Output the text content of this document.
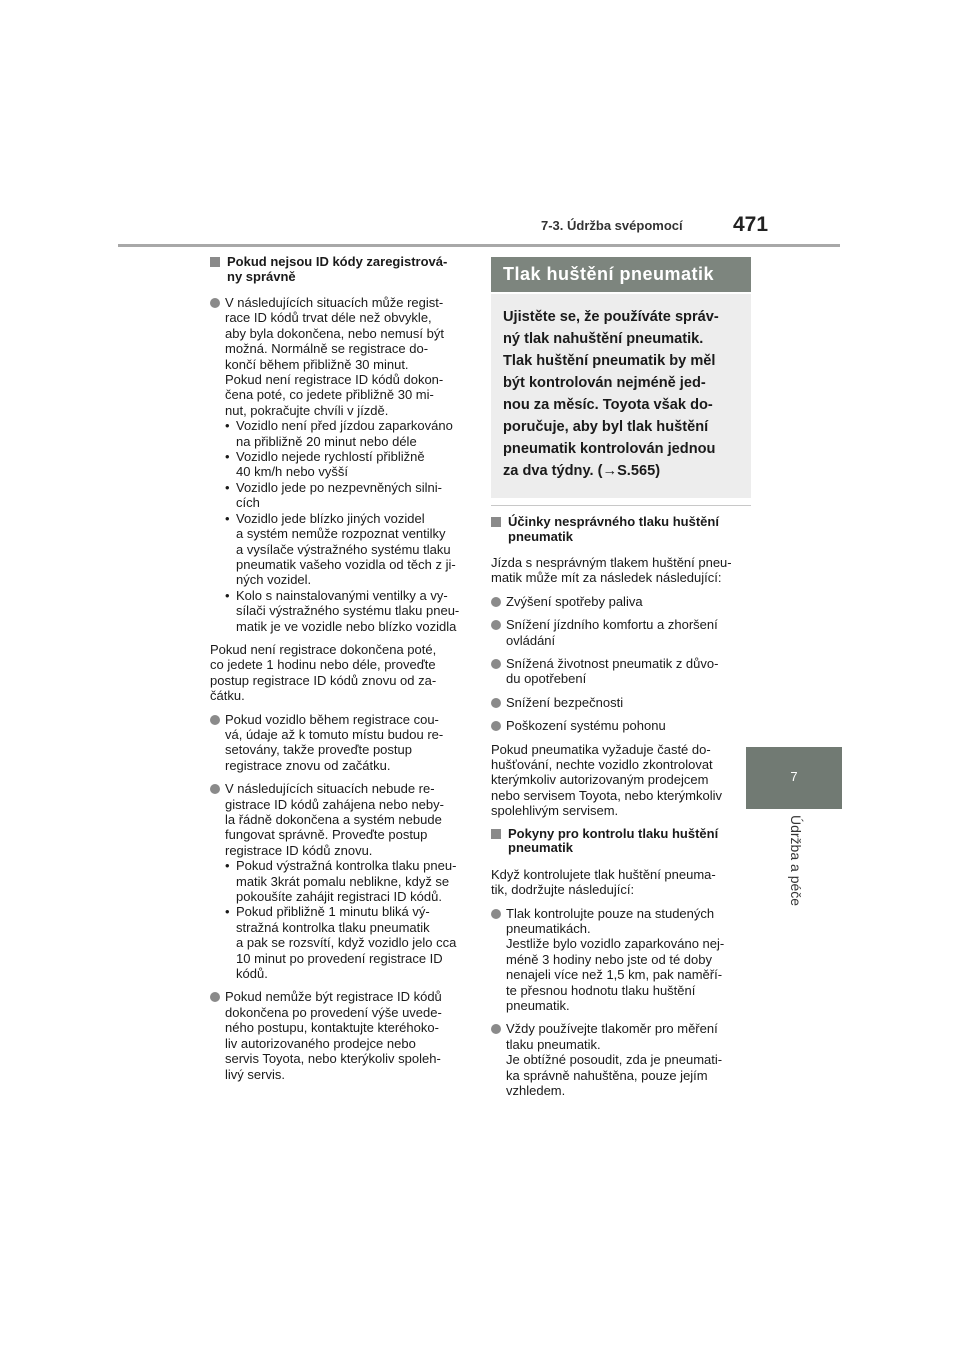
7-3. Údržba svépomocí 471
7
Údržba a péče
Pokud nejsou ID kódy zaregistrová-
ny správně
V následujících situacích může regist-
race ID kódů trvat déle než obvykle,
aby byla dokončena, nebo nemusí být
možná. Normálně se registrace do-
končí během přibližně 30 minut.
Pokud není registrace ID kódů dokon-
čena poté, co jedete přibližně 30 mi-
nut, pokračujte chvíli v jízdě.
• Vozidlo není před jízdou zaparkováno
na přibližně 20 minut nebo déle
• Vozidlo nejede rychlostí přibližně
40 km/h nebo vyšší
• Vozidlo jede po nezpevněných silni-
cích
• Vozidlo jede blízko jiných vozidel
a systém nemůže rozpoznat ventilky
a vysílače výstražného systému tlaku
pneumatik vašeho vozidla od těch z ji-
ných vozidel.
• Kolo s nainstalovanými ventilky a vy-
sílači výstražného systému tlaku pneu-
matik je ve vozidle nebo blízko vozidla
Pokud není registrace dokončena poté,
co jedete 1 hodinu nebo déle, proveďte
postup registrace ID kódů znovu od za-
čátku.
Pokud vozidlo během registrace cou-
vá, údaje až k tomuto místu budou re-
setovány, takže proveďte postup
registrace znovu od začátku.
V následujících situacích nebude re-
gistrace ID kódů zahájena nebo neby-
la řádně dokončena a systém nebude
fungovat správně. Proveďte postup
registrace ID kódů znovu.
• Pokud výstražná kontrolka tlaku pneu-
matik 3krát pomalu neblikne, když se
pokoušíte zahájit registraci ID kódů.
• Pokud přibližně 1 minutu bliká vý-
stražná kontrolka tlaku pneumatik
a pak se rozsvítí, když vozidlo jelo cca
10 minut po provedení registrace ID
kódů.
Pokud nemůže být registrace ID kódů
dokončena po provedení výše uvede-
ného postupu, kontaktujte kteréhoko-
liv autorizovaného prodejce nebo
servis Toyota, nebo kterýkoliv spoleh-
livý servis.
Tlak huštění pneumatik
Ujistěte se, že používáte správ-
ný tlak nahuštění pneumatik.
Tlak huštění pneumatik by měl
být kontrolován nejméně jed-
nou za měsíc. Toyota však do-
poručuje, aby byl tlak huštění
pneumatik kontrolován jednou
za dva týdny. (→S.565)
Účinky nesprávného tlaku huštění
pneumatik
Jízda s nesprávným tlakem huštění pneu-
matik může mít za následek následující:
Zvýšení spotřeby paliva
Snížení jízdního komfortu a zhoršení
ovládání
Snížená životnost pneumatik z důvo-
du opotřebení
Snížení bezpečnosti
Poškození systému pohonu
Pokud pneumatika vyžaduje časté do-
hušťování, nechte vozidlo zkontrolovat
kterýmkoliv autorizovaným prodejcem
nebo servisem Toyota, nebo kterýmkoliv
spolehlivým servisem.
Pokyny pro kontrolu tlaku huštění
pneumatik
Když kontrolujete tlak huštění pneuma-
tik, dodržujte následující:
Tlak kontrolujte pouze na studených
pneumatikách.
Jestliže bylo vozidlo zaparkováno nej-
méně 3 hodiny nebo jste od té doby
nenajeli více než 1,5 km, pak naměří-
te přesnou hodnotu tlaku huštění
pneumatik.
Vždy používejte tlakoměr pro měření
tlaku pneumatik.
Je obtížné posoudit, zda je pneumati-
ka správně nahuštěna, pouze jejím
vzhledem.
